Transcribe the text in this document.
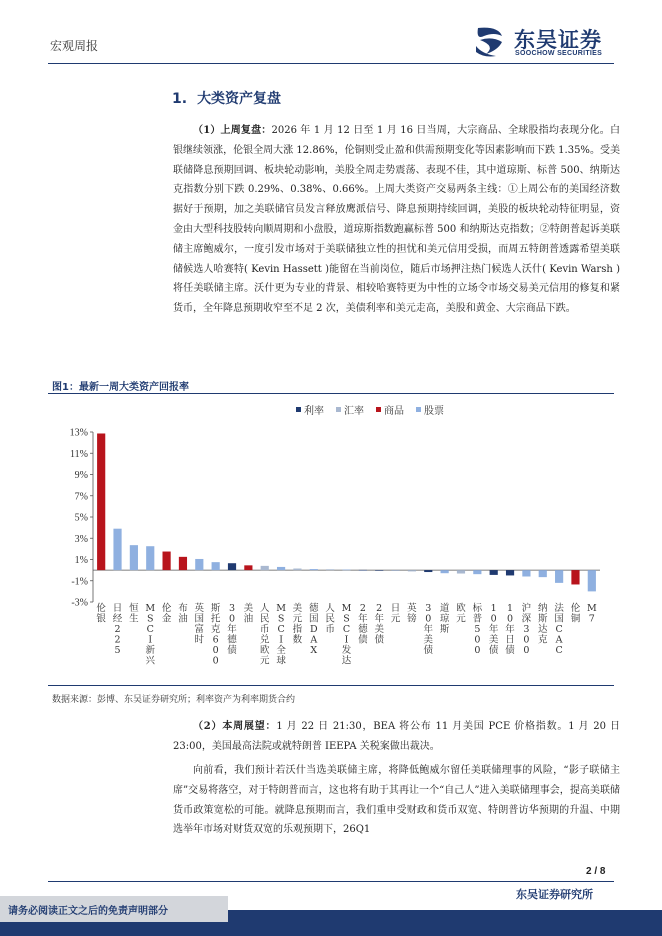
宏观周报	东吴证券
SOOCHOW SECURITIES
1. 大类资产复盘
（1）上周复盘：2026 年 1 月 12 日至 1 月 16 日当周，大宗商品、全球股指均表现分化。白银继续领涨，伦银全周大涨 12.86%，伦铜则受止盈和供需预期变化等因素影响而下跌 1.35%。受美联储降息预期回调、板块轮动影响，美股全周走势震荡、表现不佳，其中道琼斯、标普 500、纳斯达克指数分别下跌 0.29%、0.38%、0.66%。上周大类资产交易两条主线：①上周公布的美国经济数据好于预期，加之美联储官员发言释放鹰派信号、降息预期持续回调，美股的板块轮动特征明显，资金由大型科技股转向顺周期和小盘股，道琼斯指数跑赢标普 500 和纳斯达克指数；②特朗普起诉美联储主席鲍威尔，一度引发市场对于美联储独立性的担忧和美元信用受损，而周五特朗普透露希望美联储候选人哈赛特( Kevin Hassett )能留在当前岗位，随后市场押注热门候选人沃什( Kevin Warsh )将任美联储主席。沃什更为专业的背景、相较哈赛特更为中性的立场令市场交易美元信用的修复和紧货币，全年降息预期收窄至不足 2 次，美债利率和美元走高，美股和黄金、大宗商品下跌。
图1：最新一周大类资产回报率
利率 汇率 商品 股票
13%
11%
9%
7%
5%
3%
1%
-1%
-3% 伦银
日经 2 2 5
恒生
M S C I 新兴
伦金
布油
英国富时
斯托克 6 0 0
3 0 年德债
美油
人民币兑欧元
M S C I 全球
美元指数
德国 D A X
人民币
M S C I 发达
2 年德债
2 年美债
日元
英镑
3 0 年美债
道琼斯
欧元
标普 5 0 0
1 0 年美债
1 0 年日债
沪深 3 0 0
纳斯达克
法国 C A C
伦铜
M 7
数据来源：彭博、东吴证券研究所；利率资产为利率期货合约
（2）本周展望：1 月 22 日 21:30，BEA 将公布 11 月美国 PCE 价格指数。1 月 20 日 23:00，美国最高法院或就特朗普 IEEPA 关税案做出裁决。
向前看，我们预计若沃什当选美联储主席，将降低鲍威尔留任美联储理事的风险，“影子联储主席”交易将落空，对于特朗普而言，这也将有助于其再让一个“自己人”进入美联储理事会，提高美联储货币政策宽松的可能。就降息预期而言，我们重申受财政和货币双宽、特朗普访华预期的升温、中期选举年市场对财货双宽的乐观预期下，26Q1
2 / 8
东吴证券研究所
请务必阅读正文之后的免责声明部分
